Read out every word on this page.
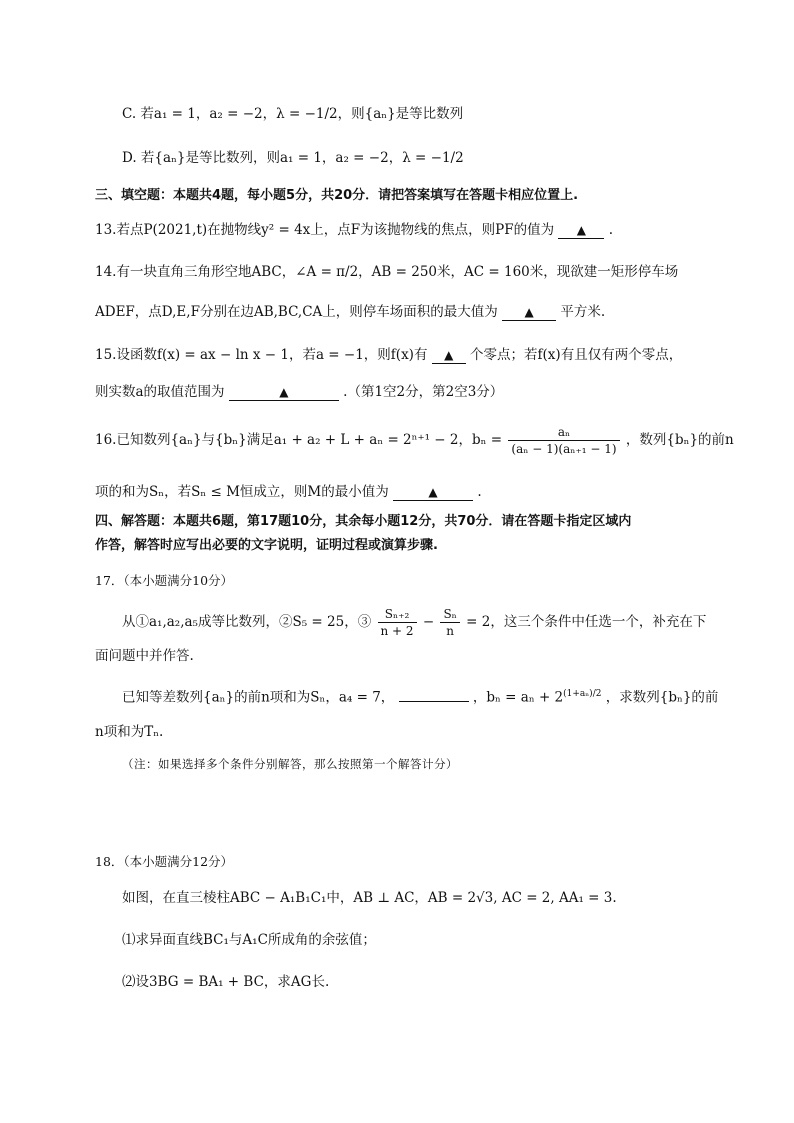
C. 若a₁ = 1，a₂ = −2，λ = −1/2，则{aₙ}是等比数列
D. 若{aₙ}是等比数列，则a₁ = 1，a₂ = −2，λ = −1/2
三、填空题：本题共4题，每小题5分，共20分．请把答案填写在答题卡相应位置上.
13.若点P(2021,t)在抛物线y² = 4x上，点F为该抛物线的焦点，则PF的值为 ▲ .
14.有一块直角三角形空地ABC，∠A = π/2，AB = 250米，AC = 160米，现欲建一矩形停车场
ADEF，点D,E,F分别在边AB,BC,CA上，则停车场面积的最大值为 ▲ 平方米.
15.设函数f(x) = ax − ln x − 1，若a = −1，则f(x)有 ▲ 个零点；若f(x)有且仅有两个零点，
则实数a的取值范围为	▲	.（第1空2分，第2空3分）
16.已知数列{aₙ}与{bₙ}满足a₁ + a₂ + L + aₙ = 2ⁿ⁺¹ − 2，$b_n = \frac{\text{aₙ}}{\text{(aₙ − 1)(aₙ₊₁ − 1)}}$ ，数列{bₙ}的前n
项的和为Sₙ，若Sₙ ≤ M恒成立，则M的最小值为	▲	.
四、解答题：本题共6题，第17题10分，其余每小题12分，共70分．请在答题卡指定区域内
作答，解答时应写出必要的文字说明，证明过程或演算步骤.
17．（本小题满分10分）
从①a₁,a₂,a₅成等比数列，②S₅ = 25，③ $\frac{\text{Sₙ₊₂}}{n + 2} - \frac{\text{Sₙ}}{n} = 2$，这三个条件中任选一个，补充在下
面问题中并作答.
已知等差数列{aₙ}的前n项和为Sₙ，a₄ = 7，	，$b_n = a_n + 2^{(1+a_n)/2}$ ，求数列{bₙ}的前
n项和为Tₙ.
（注：如果选择多个条件分别解答，那么按照第一个解答计分）
18．（本小题满分12分）
如图，在直三棱柱ABC − A₁B₁C₁中，AB ⊥ AC，AB = 2√3, AC = 2, AA₁ = 3.
⑴求异面直线BC₁与A₁C所成角的余弦值；
⑵设3BG = BA₁ + BC，求AG长.
